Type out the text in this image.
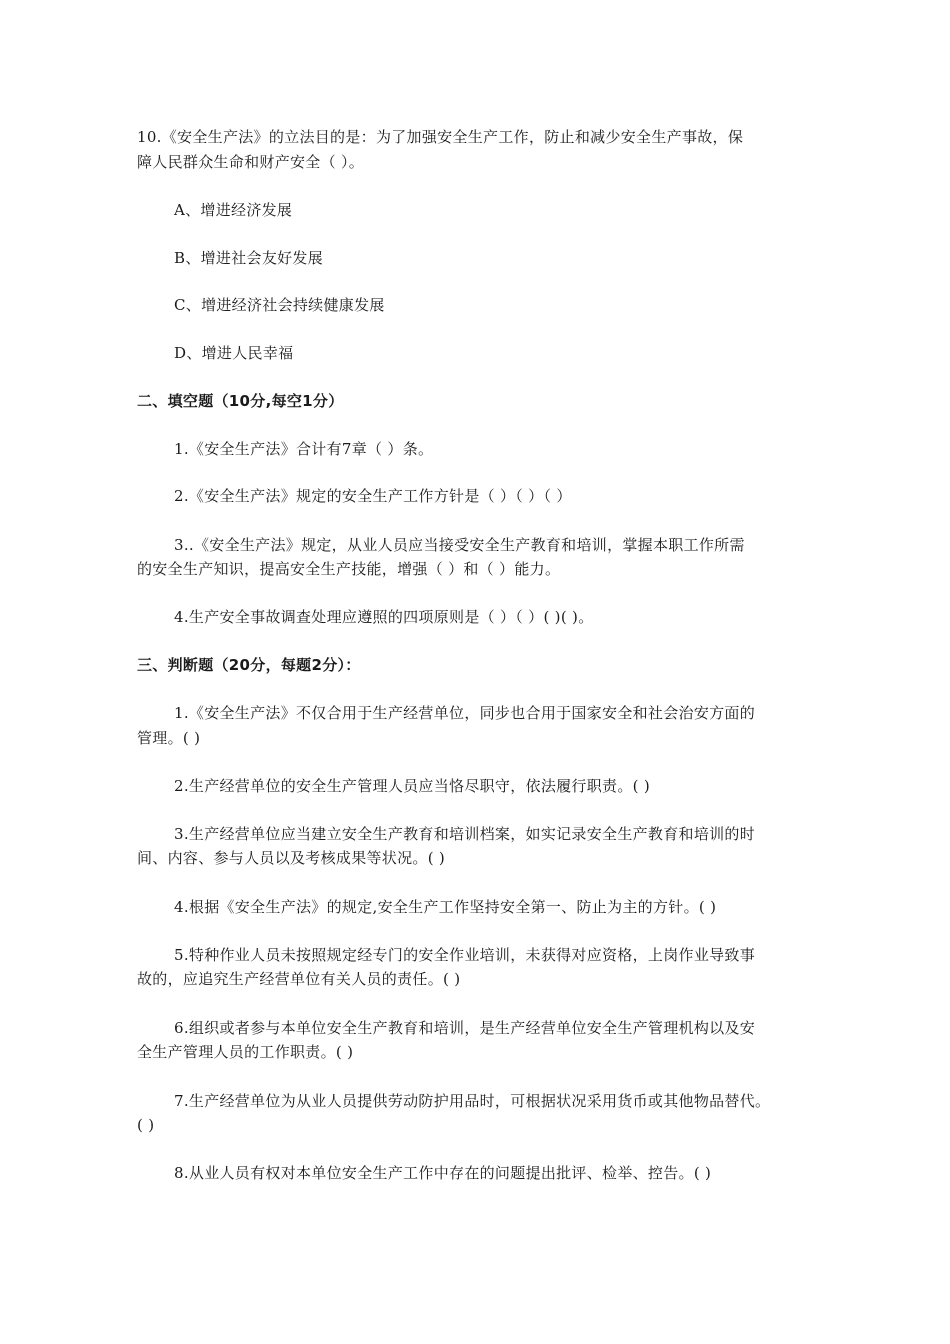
10.《安全生产法》的立法目的是：为了加强安全生产工作，防止和减少安全生产事故，保
障人民群众生命和财产安全（ ）。
A、增进经济发展
B、增进社会友好发展
C、增进经济社会持续健康发展
D、增进人民幸福
二、填空题（10分,每空1分）
1.《安全生产法》合计有7章（ ）条。
2.《安全生产法》规定的安全生产工作方针是（ ）（ ）（ ）
3..《安全生产法》规定，从业人员应当接受安全生产教育和培训，掌握本职工作所需
的安全生产知识，提高安全生产技能，增强（ ）和（ ）能力。
4.生产安全事故调查处理应遵照的四项原则是（ ）（ ）( )( )。
三、判断题（20分，每题2分）：
1.《安全生产法》不仅合用于生产经营单位，同步也合用于国家安全和社会治安方面的
管理。( )
2.生产经营单位的安全生产管理人员应当恪尽职守，依法履行职责。( )
3.生产经营单位应当建立安全生产教育和培训档案，如实记录安全生产教育和培训的时
间、内容、参与人员以及考核成果等状况。( )
4.根据《安全生产法》的规定,安全生产工作坚持安全第一、防止为主的方针。( )
5.特种作业人员未按照规定经专门的安全作业培训，未获得对应资格，上岗作业导致事
故的，应追究生产经营单位有关人员的责任。( )
6.组织或者参与本单位安全生产教育和培训，是生产经营单位安全生产管理机构以及安
全生产管理人员的工作职责。( )
7.生产经营单位为从业人员提供劳动防护用品时，可根据状况采用货币或其他物品替代。
( )
8.从业人员有权对本单位安全生产工作中存在的问题提出批评、检举、控告。( )
